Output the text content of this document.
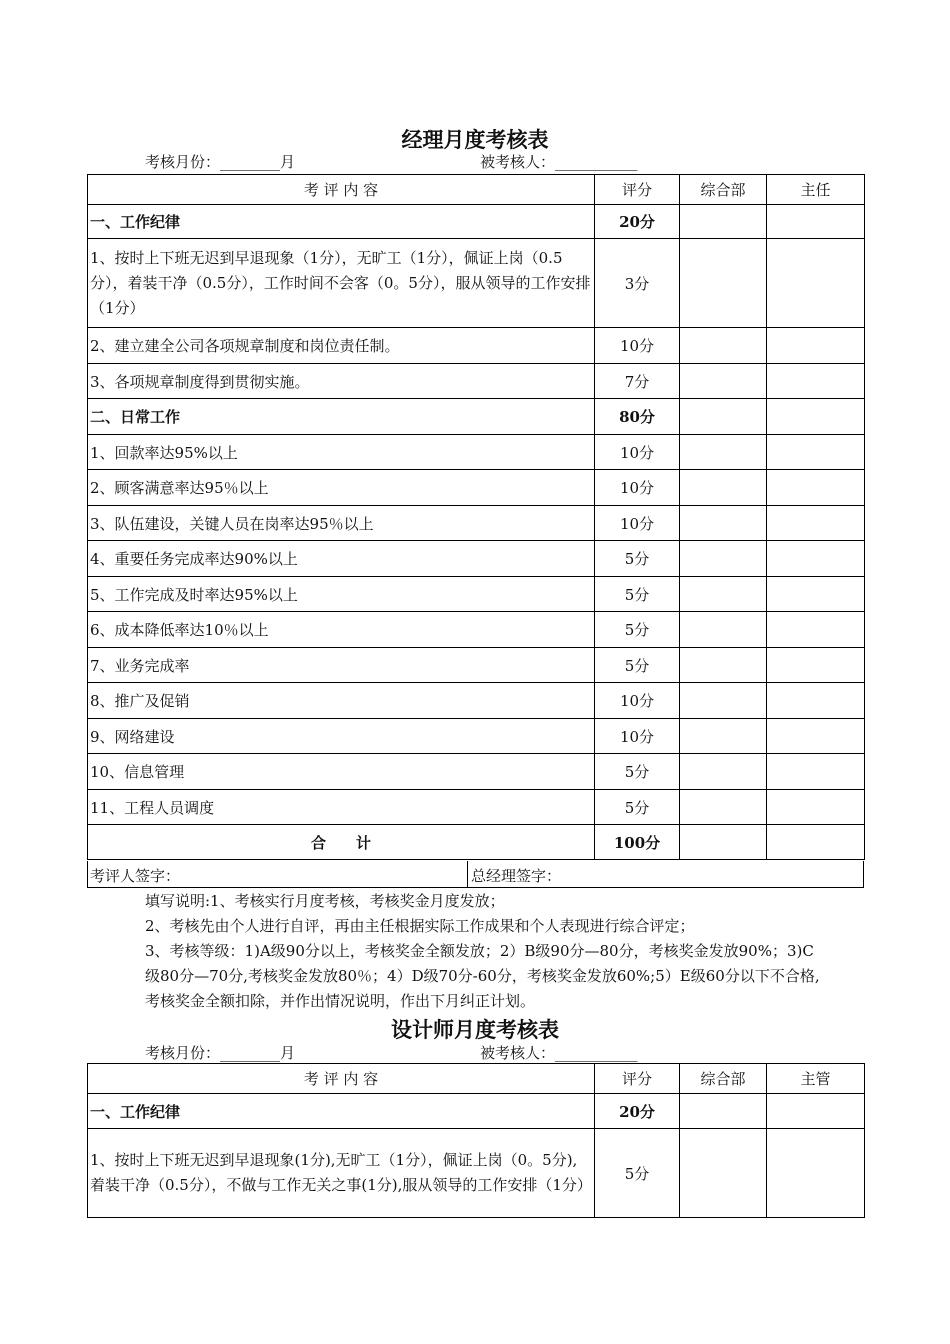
经理月度考核表
考核月份：________月	被考核人：___________
考 评 内 容	评分	综合部	主任
一、工作纪律	20分		
1、按时上下班无迟到早退现象（1分），无旷工（1分），佩证上岗（0.5分），着装干净（0.5分），工作时间不会客（0。5分），服从领导的工作安排（1分）	3分		
2、建立建全公司各项规章制度和岗位责任制。	10分		
3、各项规章制度得到贯彻实施。	7分		
二、日常工作	80分		
1、回款率达95%以上	10分		
2、顾客满意率达95％以上	10分		
3、队伍建设，关键人员在岗率达95％以上	10分		
4、重要任务完成率达90%以上	5分		
5、工作完成及时率达95%以上	5分		
6、成本降低率达10％以上	5分		
7、业务完成率	5分		
8、推广及促销	10分		
9、网络建设	10分		
10、信息管理	5分		
11、工程人员调度	5分		
合　　计	100分		
考评人签字：	总经理签字：

填写说明:1、考核实行月度考核，考核奖金月度发放；

2、考核先由个人进行自评，再由主任根据实际工作成果和个人表现进行综合评定；

3、考核等级：1)A级90分以上，考核奖金全额发放；2）B级90分—80分，考核奖金发放90%；3)C级80分—70分,考核奖金发放80％；4）D级70分-60分，考核奖金发放60%;5）E级60分以下不合格,考核奖金全额扣除，并作出情况说明，作出下月纠正计划。

设计师月度考核表
考核月份：________月	被考核人：___________
考 评 内 容	评分	综合部	主管
一、工作纪律	20分		
1、按时上下班无迟到早退现象(1分),无旷工（1分），佩证上岗（0。5分),着装干净（0.5分），不做与工作无关之事(1分),服从领导的工作安排（1分）	5分		
